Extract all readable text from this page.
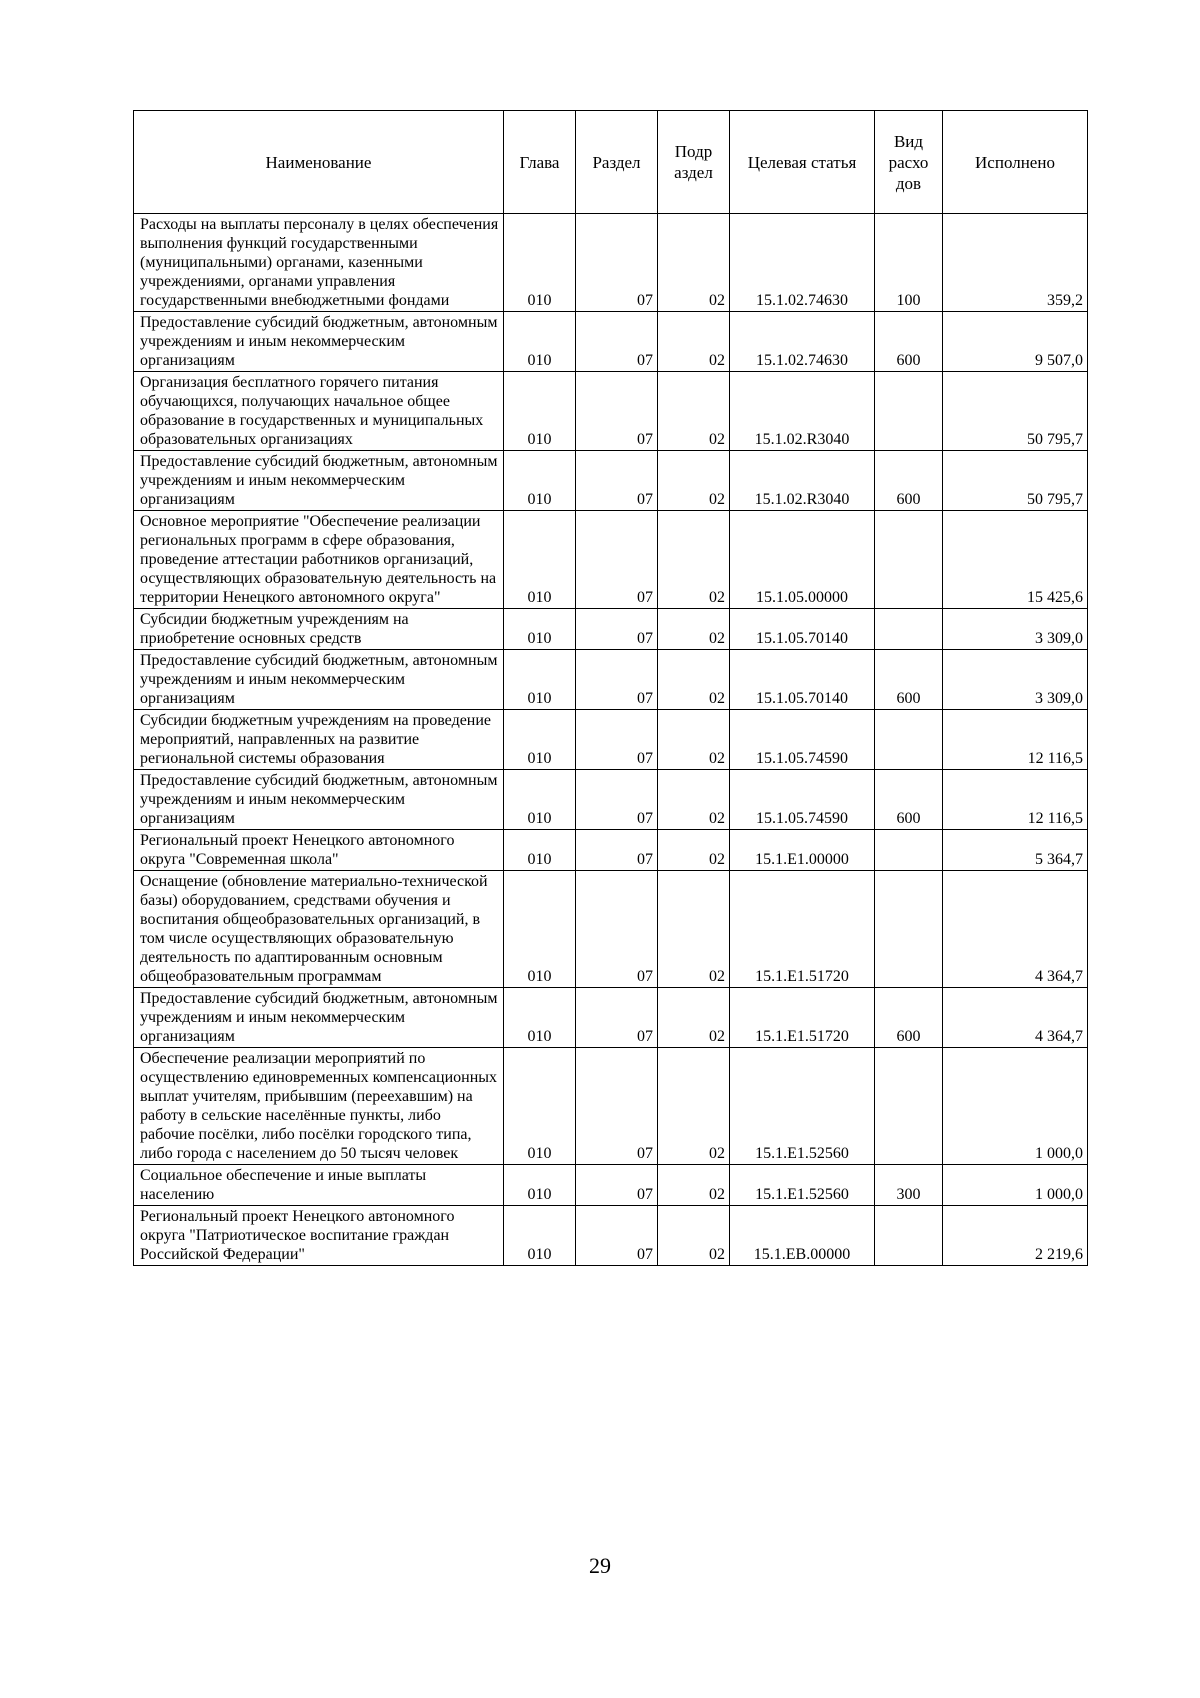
Наименование	Глава	Раздел	Подр аздел	Целевая статья	Вид расхо дов	Исполнено
Расходы на выплаты персоналу в целях обеспечения выполнения функций государственными (муниципальными) органами, казенными учреждениями, органами управления государственными внебюджетными фондами	010	07	02	15.1.02.74630	100	359,2
Предоставление субсидий бюджетным, автономным учреждениям и иным некоммерческим организациям	010	07	02	15.1.02.74630	600	9 507,0
Организация бесплатного горячего питания обучающихся, получающих начальное общее образование в государственных и муниципальных образовательных организациях	010	07	02	15.1.02.R3040		50 795,7
Предоставление субсидий бюджетным, автономным учреждениям и иным некоммерческим организациям	010	07	02	15.1.02.R3040	600	50 795,7
Основное мероприятие "Обеспечение реализации региональных программ в сфере образования, проведение аттестации работников организаций, осуществляющих образовательную деятельность на территории Ненецкого автономного округа"	010	07	02	15.1.05.00000		15 425,6
Субсидии бюджетным учреждениям на приобретение основных средств	010	07	02	15.1.05.70140		3 309,0
Предоставление субсидий бюджетным, автономным учреждениям и иным некоммерческим организациям	010	07	02	15.1.05.70140	600	3 309,0
Субсидии бюджетным учреждениям на проведение мероприятий, направленных на развитие региональной системы образования	010	07	02	15.1.05.74590		12 116,5
Предоставление субсидий бюджетным, автономным учреждениям и иным некоммерческим организациям	010	07	02	15.1.05.74590	600	12 116,5
Региональный проект Ненецкого автономного округа "Современная школа"	010	07	02	15.1.E1.00000		5 364,7
Оснащение (обновление материально-технической базы) оборудованием, средствами обучения и воспитания общеобразовательных организаций, в том числе осуществляющих образовательную деятельность по адаптированным основным общеобразовательным программам	010	07	02	15.1.E1.51720		4 364,7
Предоставление субсидий бюджетным, автономным учреждениям и иным некоммерческим организациям	010	07	02	15.1.E1.51720	600	4 364,7
Обеспечение реализации мероприятий по осуществлению единовременных компенсационных выплат учителям, прибывшим (переехавшим) на работу в сельские населённые пункты, либо рабочие посёлки, либо посёлки городского типа, либо города с населением до 50 тысяч человек	010	07	02	15.1.E1.52560		1 000,0
Социальное обеспечение и иные выплаты населению	010	07	02	15.1.E1.52560	300	1 000,0
Региональный проект Ненецкого автономного округа "Патриотическое воспитание граждан Российской Федерации"	010	07	02	15.1.EB.00000		2 219,6
29
